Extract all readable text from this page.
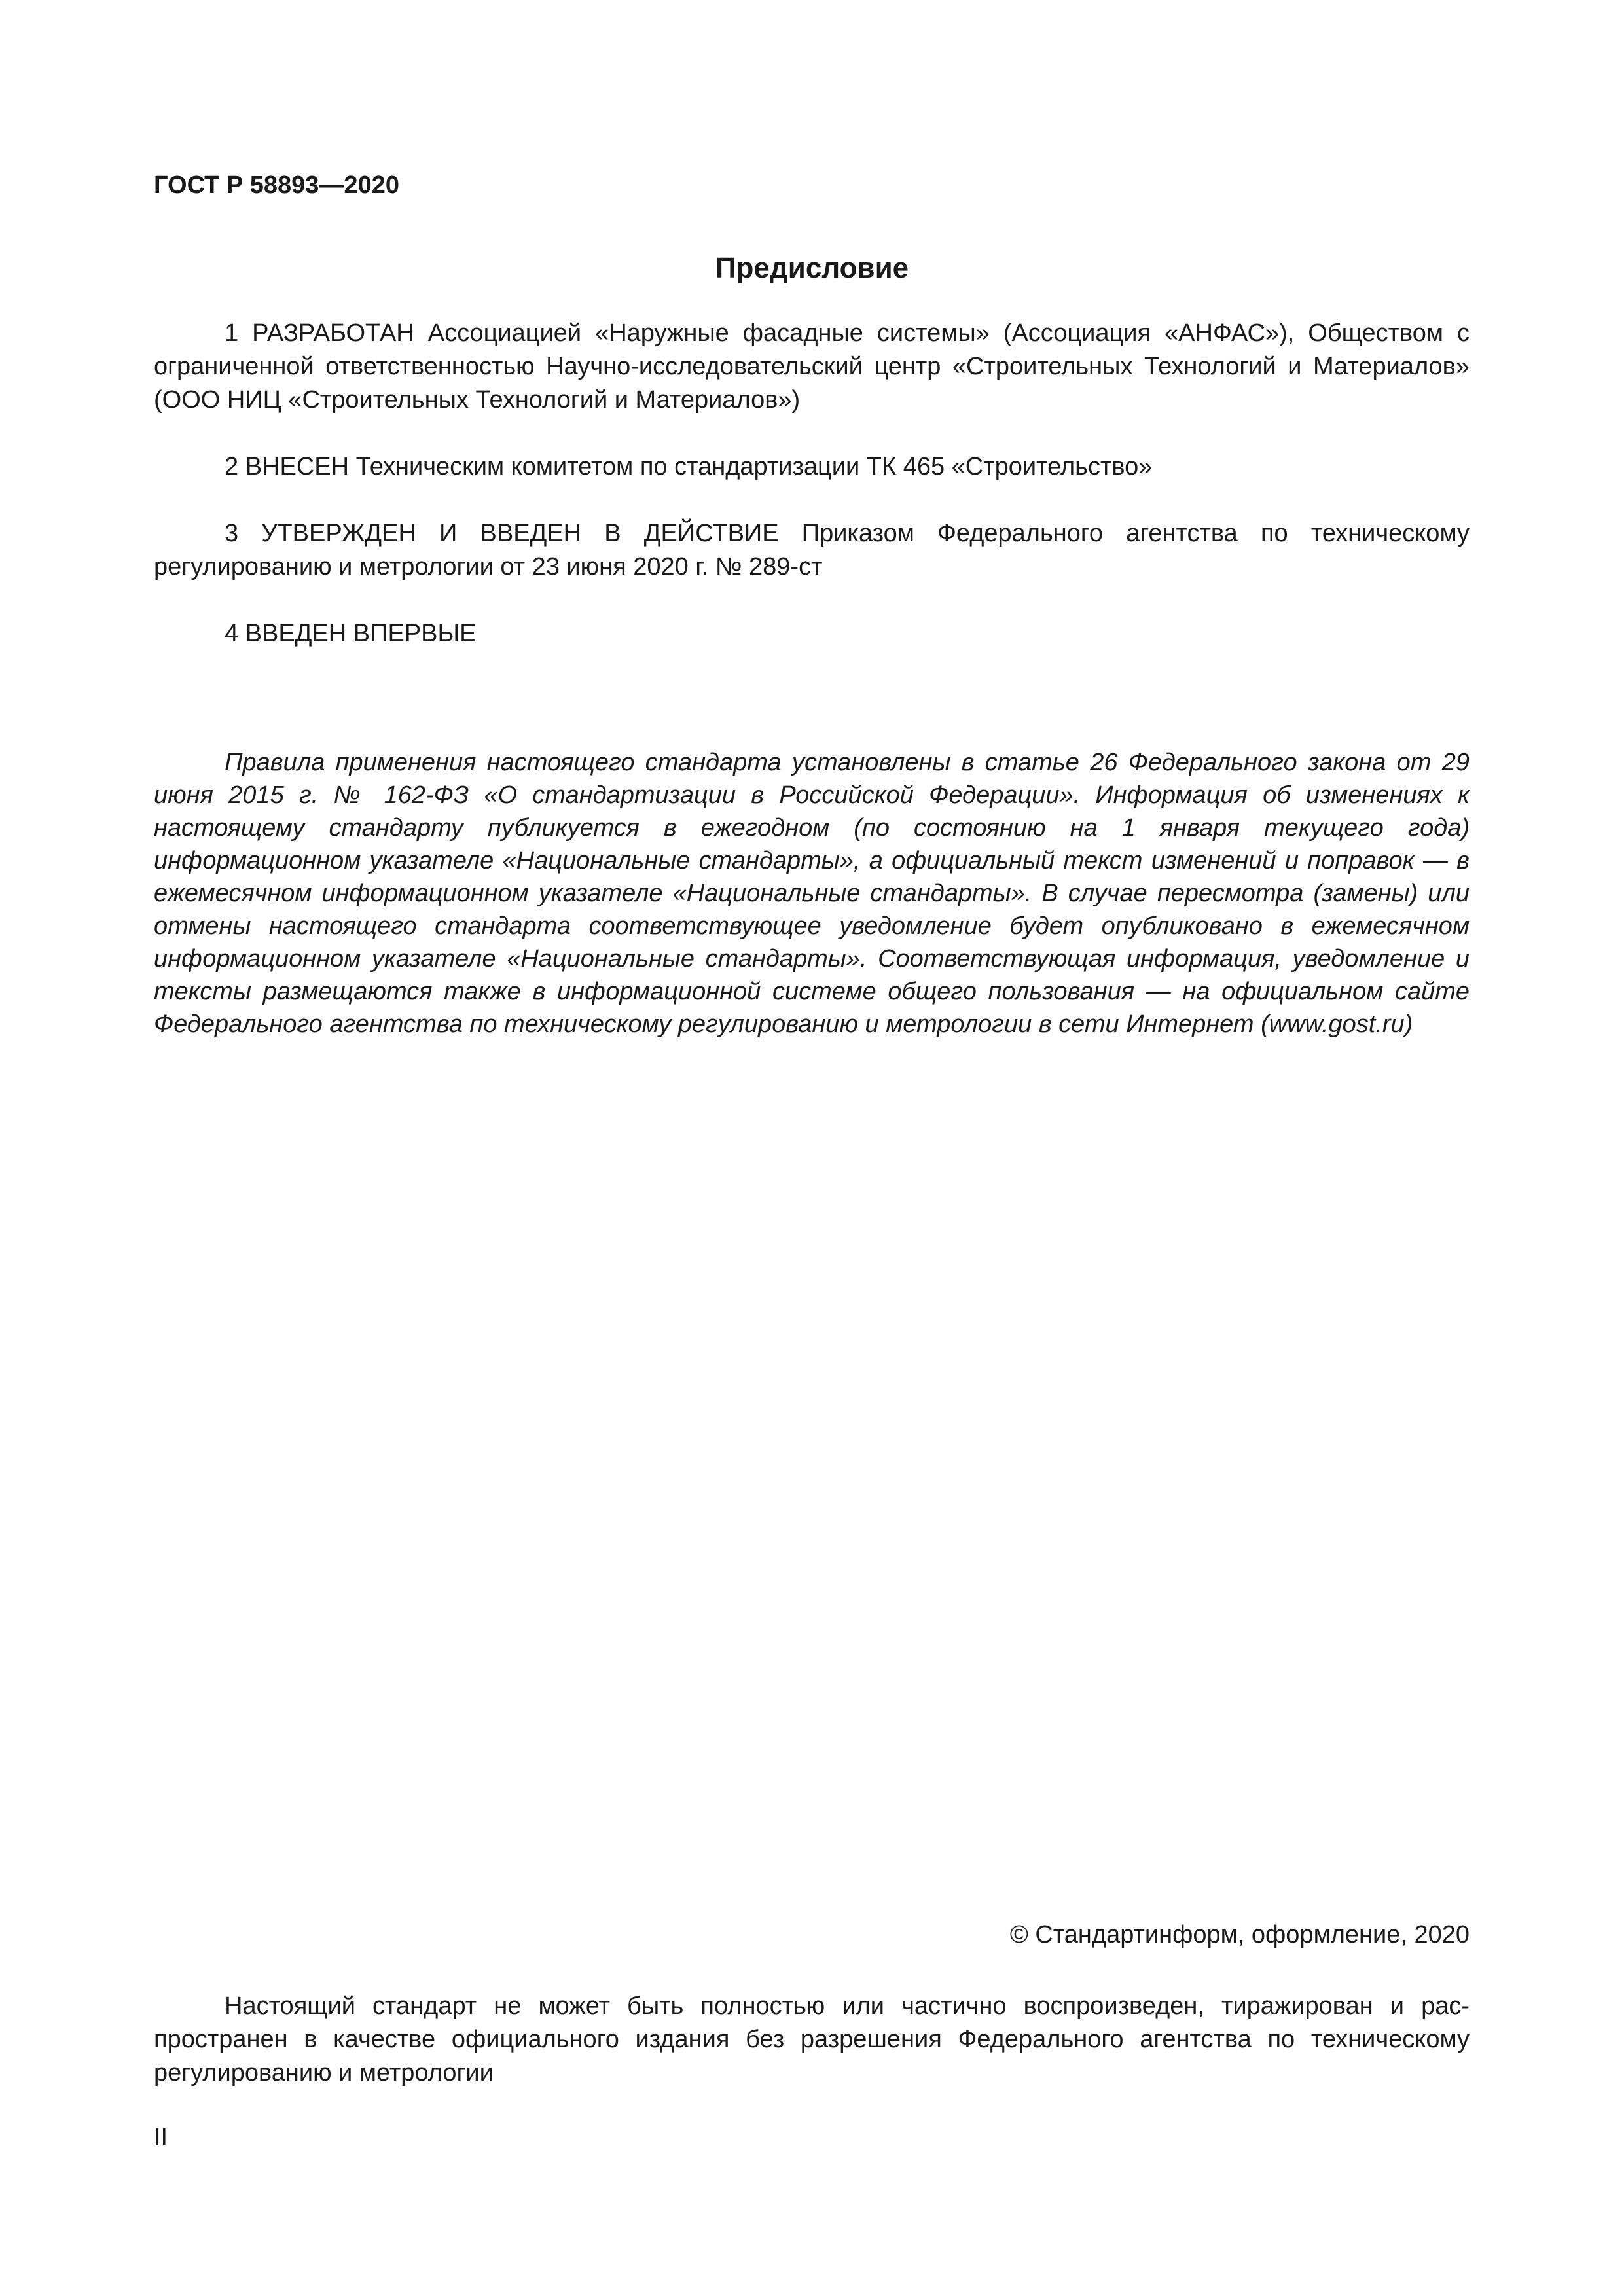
ГОСТ Р 58893—2020
Предисловие

1 РАЗРАБОТАН Ассоциацией «Наружные фасадные системы» (Ассоциация «АНФАС»), Обществом с ограниченной ответственностью Научно-исследовательский центр «Строительных Технологий и Материалов» (ООО НИЦ «Строительных Технологий и Материалов»)

2 ВНЕСЕН Техническим комитетом по стандартизации ТК 465 «Строительство»

3 УТВЕРЖДЕН И ВВЕДЕН В ДЕЙСТВИЕ Приказом Федерального агентства по техническому регулированию и метрологии от 23 июня 2020 г. № 289-ст

4 ВВЕДЕН ВПЕРВЫЕ

Правила применения настоящего стандарта установлены в статье 26 Федерального закона от 29 июня 2015 г. № 162-ФЗ «О стандартизации в Российской Федерации». Информация об изменениях к настоящему стандарту публикуется в ежегодном (по состоянию на 1 января текущего года) информационном указателе «Национальные стандарты», а официальный текст изменений и поправок — в ежемесячном информационном указателе «Национальные стандарты». В случае пересмотра (замены) или отмены настоящего стандарта соответствующее уведомление будет опубликовано в ежемесячном информационном указателе «Национальные стандарты». Соответствующая информация, уведомление и тексты размещаются также в информационной системе общего пользования — на официальном сайте Федерального агентства по техническому регулированию и метрологии в сети Интернет (www.gost.ru)

© Стандартинформ, оформление, 2020

Настоящий стандарт не может быть полностью или частично воспроизведен, тиражирован и распространен в качестве официального издания без разрешения Федерального агентства по техническому регулированию и метрологии

II
